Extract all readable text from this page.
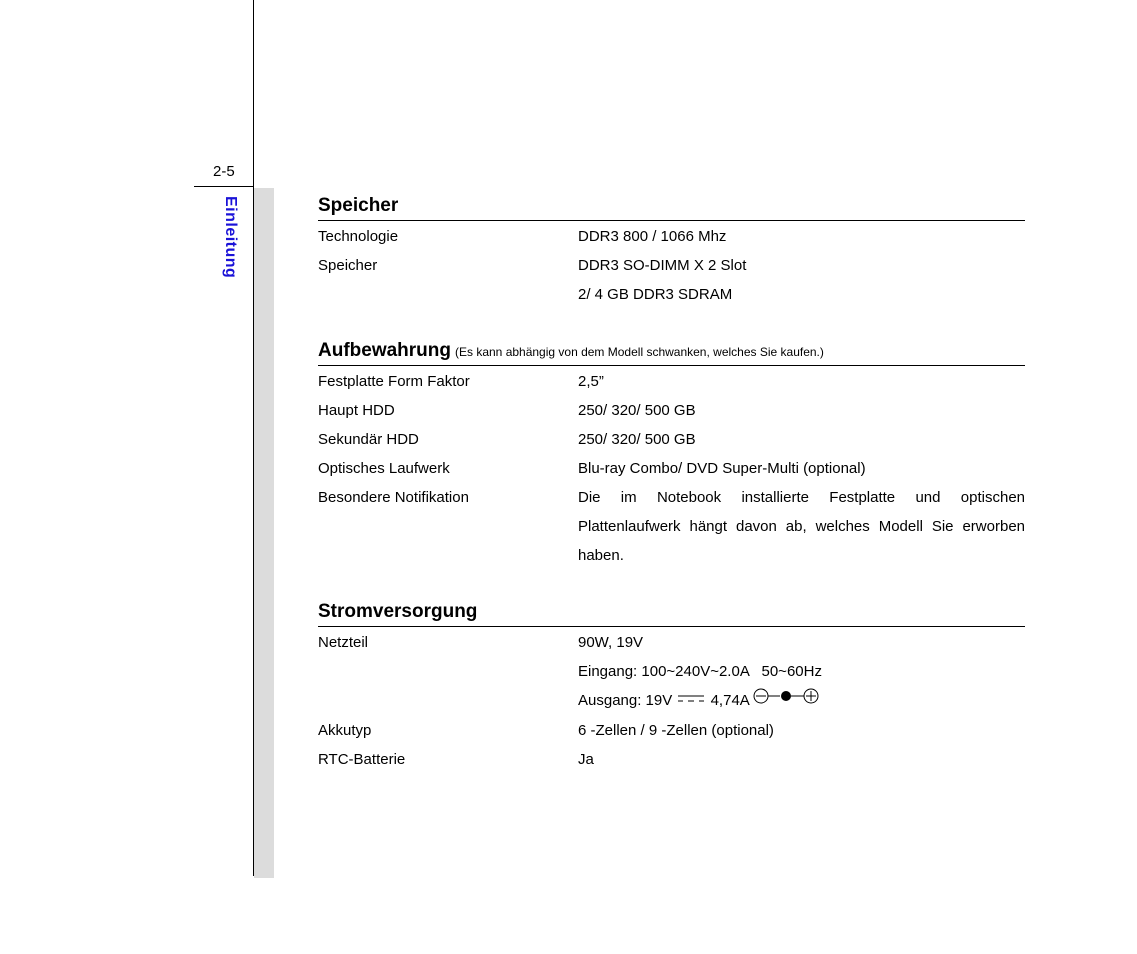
2-5
Einleitung	Speicher
Technologie	DDR3 800 / 1066 Mhz
Speicher	DDR3 SO-DIMM X 2 Slot
2/ 4 GB DDR3 SDRAM
Aufbewahrung (Es kann abhängig von dem Modell schwanken, welches Sie kaufen.)
Festplatte Form Faktor	2,5”
Haupt HDD	250/ 320/ 500 GB
Sekundär HDD	250/ 320/ 500 GB
Optisches Laufwerk	Blu-ray Combo/ DVD Super-Multi (optional)
Besondere Notifikation	Die im Notebook installierte Festplatte und optischen Plattenlaufwerk hängt davon ab, welches Modell Sie erworben haben.
Stromversorgung
Netzteil	90W, 19V
Eingang: 100~240V~2.0A   50~60Hz
Ausgang: 19V	4,74A
Akkutyp	6 -Zellen / 9 -Zellen (optional)
RTC-Batterie	Ja
